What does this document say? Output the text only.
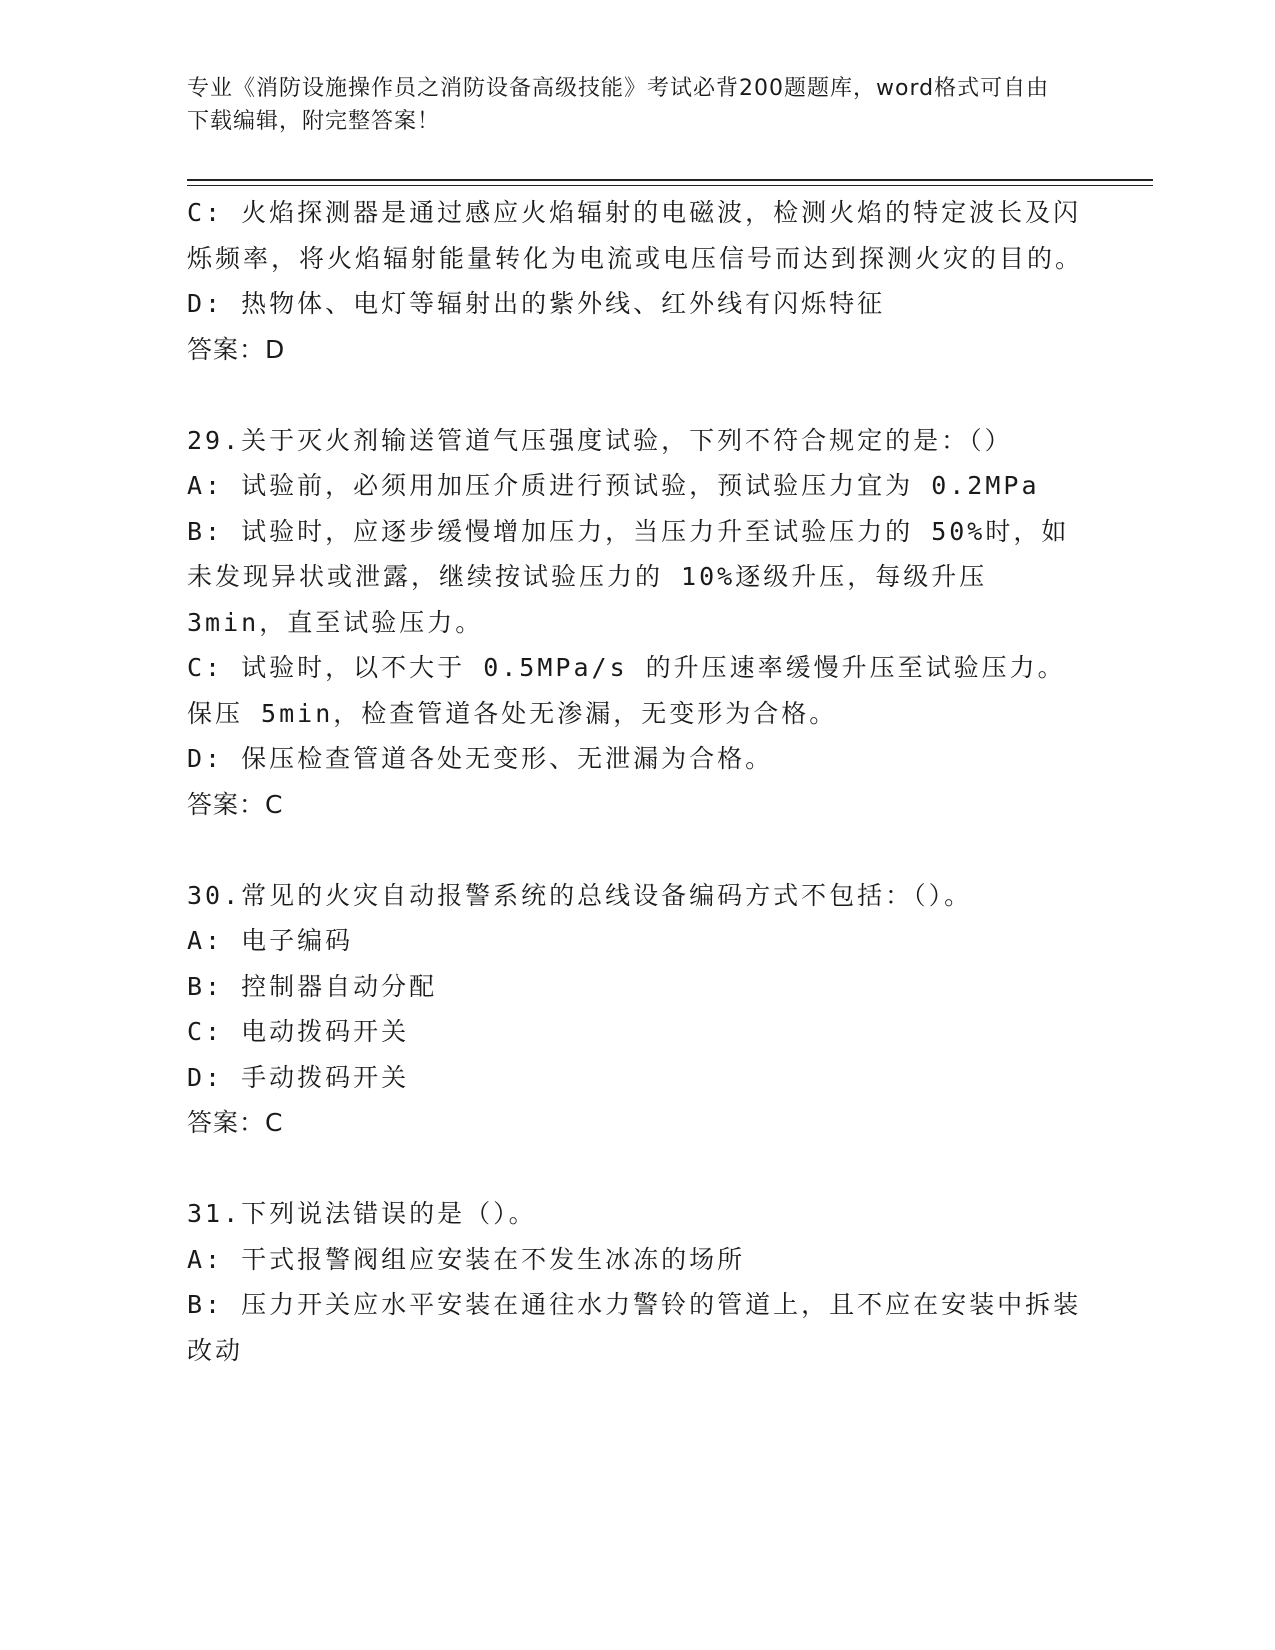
专业《消防设施操作员之消防设备高级技能》考试必背200题题库，word格式可自由下载编辑，附完整答案！

C: 火焰探测器是通过感应火焰辐射的电磁波，检测火焰的特定波长及闪烁频率，将火焰辐射能量转化为电流或电压信号而达到探测火灾的目的。

D: 热物体、电灯等辐射出的紫外线、红外线有闪烁特征

答案：D

29.关于灭火剂输送管道气压强度试验，下列不符合规定的是：（）

A: 试验前，必须用加压介质进行预试验，预试验压力宜为 0.2MPa

B: 试验时，应逐步缓慢增加压力，当压力升至试验压力的 50%时，如未发现异状或泄露，继续按试验压力的 10%逐级升压，每级升压 3min，直至试验压力。

C: 试验时，以不大于 0.5MPa/s 的升压速率缓慢升压至试验压力。保压 5min，检查管道各处无渗漏，无变形为合格。

D: 保压检查管道各处无变形、无泄漏为合格。

答案：C

30.常见的火灾自动报警系统的总线设备编码方式不包括：（）。

A: 电子编码

B: 控制器自动分配

C: 电动拨码开关

D: 手动拨码开关

答案：C

31.下列说法错误的是（）。

A: 干式报警阀组应安装在不发生冰冻的场所

B: 压力开关应水平安装在通往水力警铃的管道上，且不应在安装中拆装改动
